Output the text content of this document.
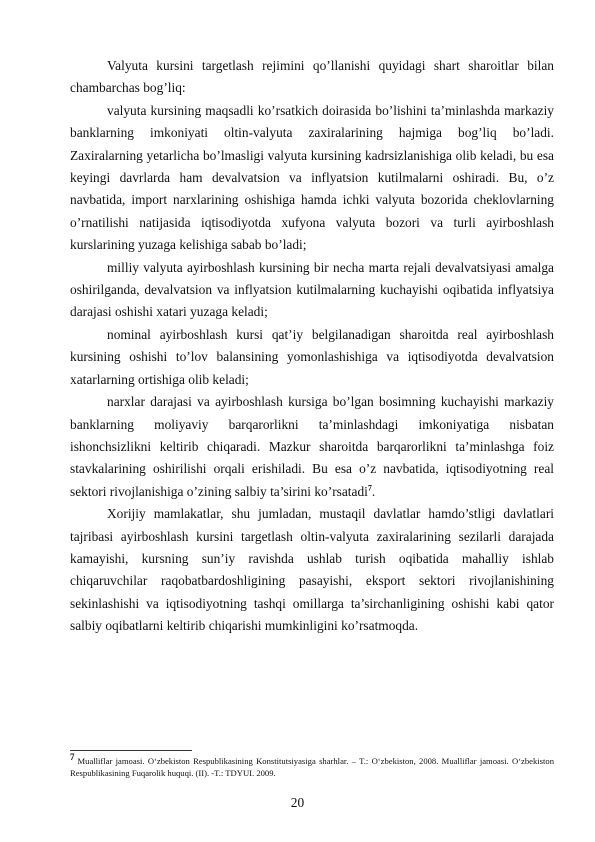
Valyuta kursini targetlash rejimini qo’llanishi quyidagi shart sharoitlar bilan chambarchas bog’liq:

valyuta kursining maqsadli ko’rsatkich doirasida bo’lishini ta’minlashda markaziy banklarning imkoniyati oltin-valyuta zaxiralarining hajmiga bog’liq bo’ladi. Zaxiralarning yetarlicha bo’lmasligi valyuta kursining kadrsizlanishiga olib keladi, bu esa keyingi davrlarda ham devalvatsion va inflyatsion kutilmalarni oshiradi. Bu, o’z navbatida, import narxlarining oshishiga hamda ichki valyuta bozorida cheklovlarning o’rnatilishi natijasida iqtisodiyotda xufyona valyuta bozori va turli ayirboshlash kurslarining yuzaga kelishiga sabab bo’ladi;

milliy valyuta ayirboshlash kursining bir necha marta rejali devalvatsiyasi amalga oshirilganda, devalvatsion va inflyatsion kutilmalarning kuchayishi oqibatida inflyatsiya darajasi oshishi xatari yuzaga keladi;

nominal ayirboshlash kursi qat’iy belgilanadigan sharoitda real ayirboshlash kursining oshishi to’lov balansining yomonlashishiga va iqtisodiyotda devalvatsion xatarlarning ortishiga olib keladi;

narxlar darajasi va ayirboshlash kursiga bo’lgan bosimning kuchayishi markaziy banklarning moliyaviy barqarorlikni ta’minlashdagi imkoniyatiga nisbatan ishonchsizlikni keltirib chiqaradi. Mazkur sharoitda barqarorlikni ta’minlashga foiz stavkalarining oshirilishi orqali erishiladi. Bu esa o’z navbatida, iqtisodiyotning real sektori rivojlanishiga o’zining salbiy ta’sirini ko’rsatadi$^7$.

Xorijiy mamlakatlar, shu jumladan, mustaqil davlatlar hamdo’stligi davlatlari tajribasi ayirboshlash kursini targetlash oltin-valyuta zaxiralarining sezilarli darajada kamayishi, kursning sun’iy ravishda ushlab turish oqibatida mahalliy ishlab chiqaruvchilar raqobatbardoshligining pasayishi, eksport sektori rivojlanishining sekinlashishi va iqtisodiyotning tashqi omillarga ta’sirchanligining oshishi kabi qator salbiy oqibatlarni keltirib chiqarishi mumkinligini ko’rsatmoqda.

7 Mualliflar jamoasi. O‘zbekiston Respublikasining Konstitutsiyasiga sharhlar. – T.: O‘zbekiston, 2008. Mualliflar jamoasi. O‘zbekiston Respublikasining Fuqarolik huquqi. (II). -T.: TDYUI. 2009.
20
